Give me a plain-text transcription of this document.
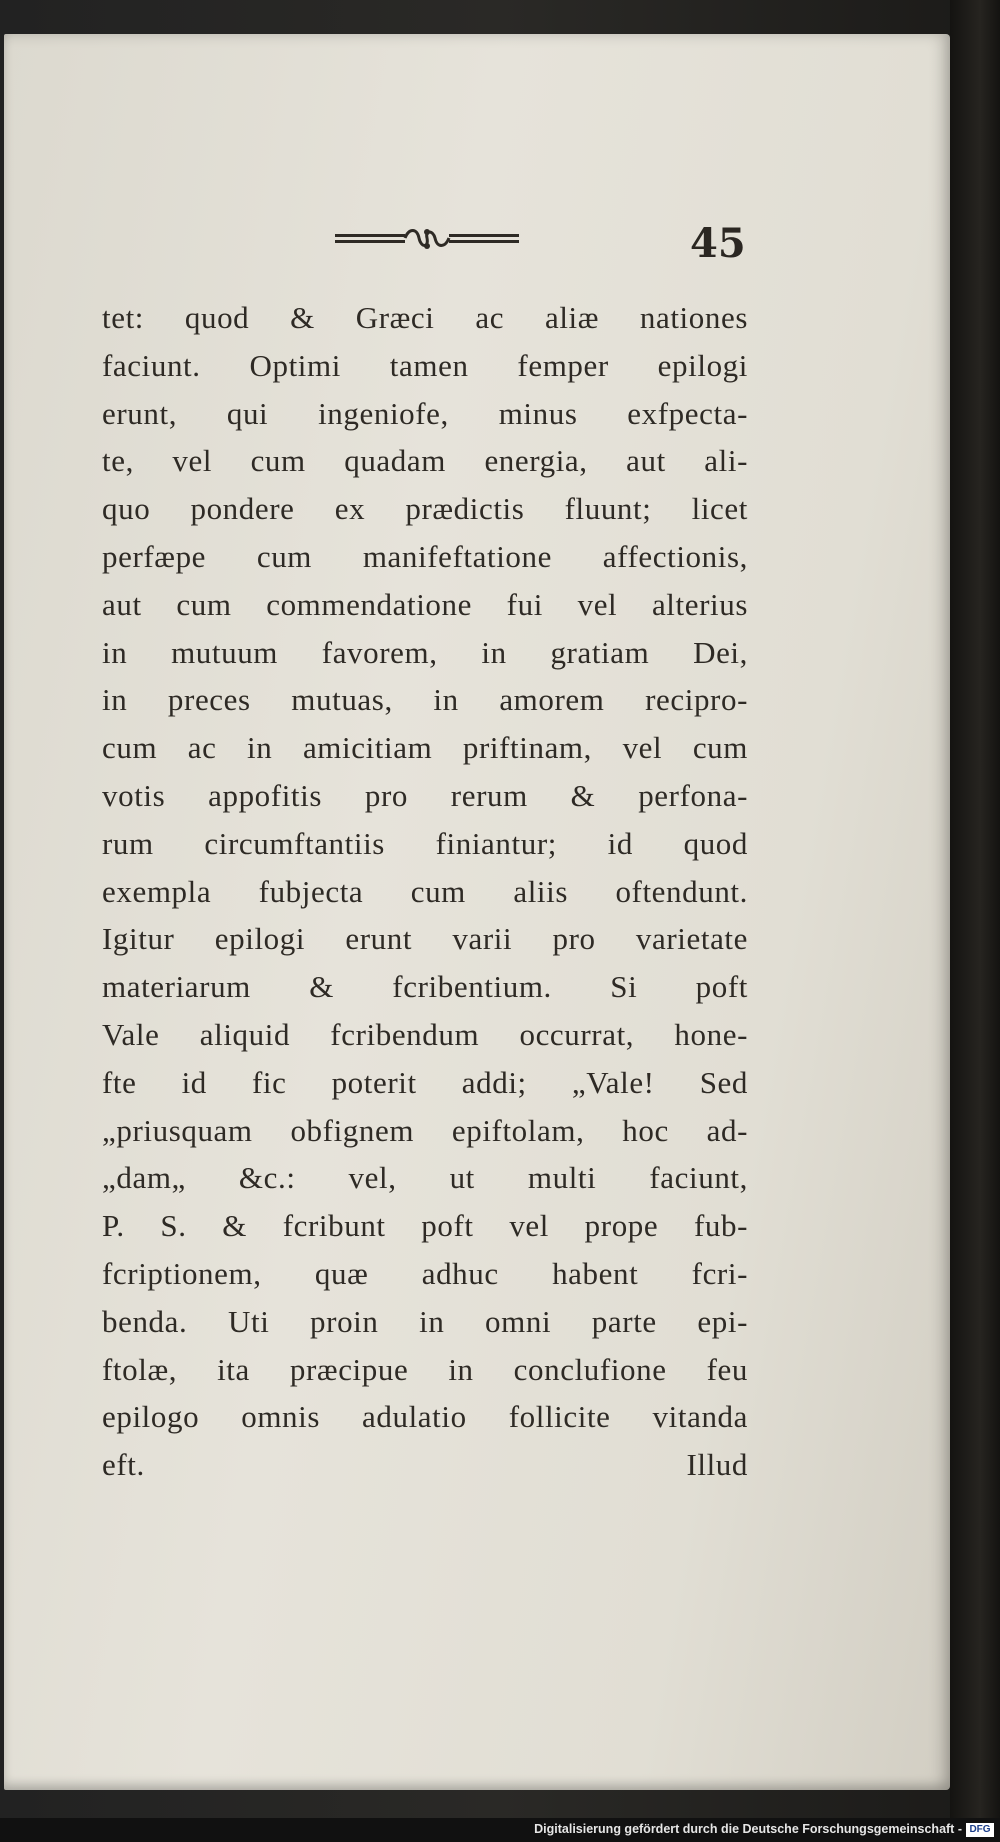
45
tet: quod & Græci ac aliæ nationes
faciunt. Optimi tamen femper epilogi
erunt, qui ingeniofe, minus exfpecta-
te, vel cum quadam energia, aut ali-
quo pondere ex prædictis fluunt; licet
perfæpe cum manifeftatione affectionis,
aut cum commendatione fui vel alterius
in mutuum favorem, in gratiam Dei,
in preces mutuas, in amorem recipro-
cum ac in amicitiam priftinam, vel cum
votis appofitis pro rerum & perfona-
rum circumftantiis finiantur; id quod
exempla fubjecta cum aliis oftendunt.
Igitur epilogi erunt varii pro varietate
materiarum & fcribentium. Si poft
Vale aliquid fcribendum occurrat, hone-
fte id fic poterit addi; „Vale! Sed
„priusquam obfignem epiftolam, hoc ad-
„dam„ &c.: vel, ut multi faciunt,
P. S. & fcribunt poft vel prope fub-
fcriptionem, quæ adhuc habent fcri-
benda. Uti proin in omni parte epi-
ftolæ, ita præcipue in conclufione feu
epilogo omnis adulatio follicite vitanda
eft.	Illud
Digitalisierung gefördert durch die Deutsche Forschungsgemeinschaft - DFG
